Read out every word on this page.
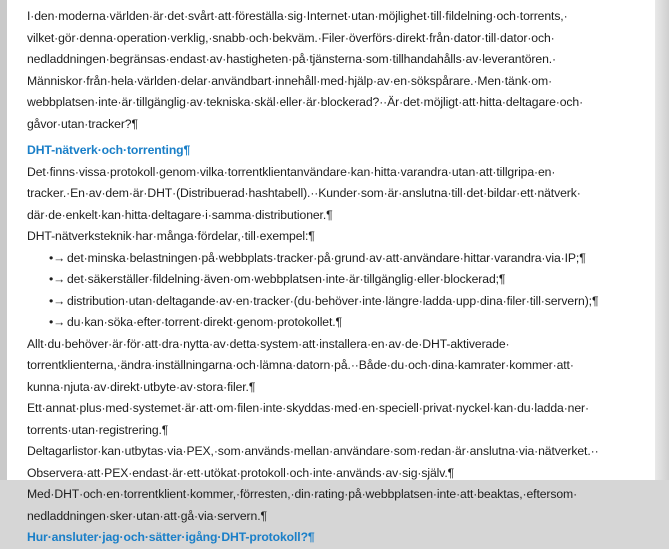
I·den·moderna·världen·är·det·svårt·att·föreställa·sig·Internet·utan·möjlighet·till·fildelning·och·torrents,· vilket·gör·denna·operation·verklig,·snabb·och·bekväm.·Filer·överförs·direkt·från·dator·till·dator·och· nedladdningen·begränsas·endast·av·hastigheten·på·tjänsterna·som·tillhandahålls·av·leverantören.· Människor·från·hela·världen·delar·användbart·innehåll·med·hjälp·av·en·sökspårare.·Men·tänk·om· webbplatsen·inte·är·tillgänglig·av·tekniska·skäl·eller·är·blockerad?··Är·det·möjligt·att·hitta·deltagare·och· gåvor·utan·tracker?¶

DHT-nätverk·och·torrenting¶

Det·finns·vissa·protokoll·genom·vilka·torrentklientanvändare·kan·hitta·varandra·utan·att·tillgripa·en· tracker.·En·av·dem·är·DHT·(Distribuerad·hashtabell).··Kunder·som·är·anslutna·till·det·bildar·ett·nätverk· där·de·enkelt·kan·hitta·deltagare·i·samma·distributioner.¶

DHT-nätverksteknik·har·många·fördelar,·till·exempel:¶

•→ det·minska·belastningen·på·webbplats·tracker·på·grund·av·att·användare·hittar·varandra·via·IP;¶
•→ det·säkerställer·fildelning·även·om·webbplatsen·inte·är·tillgänglig·eller·blockerad;¶
•→ distribution·utan·deltagande·av·en·tracker·(du·behöver·inte·längre·ladda·upp·dina·filer·till·servern);¶
•→ du·kan·söka·efter·torrent·direkt·genom·protokollet.¶

Allt·du·behöver·är·för·att·dra·nytta·av·detta·system·att·installera·en·av·de·DHT-aktiverade· torrentklienterna,·ändra·inställningarna·och·lämna·datorn·på.··Både·du·och·dina·kamrater·kommer·att· kunna·njuta·av·direkt·utbyte·av·stora·filer.¶

Ett·annat·plus·med·systemet·är·att·om·filen·inte·skyddas·med·en·speciell·privat·nyckel·kan·du·ladda·ner· torrents·utan·registrering.¶

Deltagarlistor·kan·utbytas·via·PEX,·som·används·mellan·användare·som·redan·är·anslutna·via·nätverket.·· Observera·att·PEX·endast·är·ett·utökat·protokoll·och·inte·används·av·sig·själv.¶

Med·DHT·och·en·torrentklient·kommer,·förresten,·din·rating·på·webbplatsen·inte·att·beaktas,·eftersom· nedladdningen·sker·utan·att·gå·via·servern.¶

Hur·ansluter·jag·och·sätter·igång·DHT-protokoll?¶
